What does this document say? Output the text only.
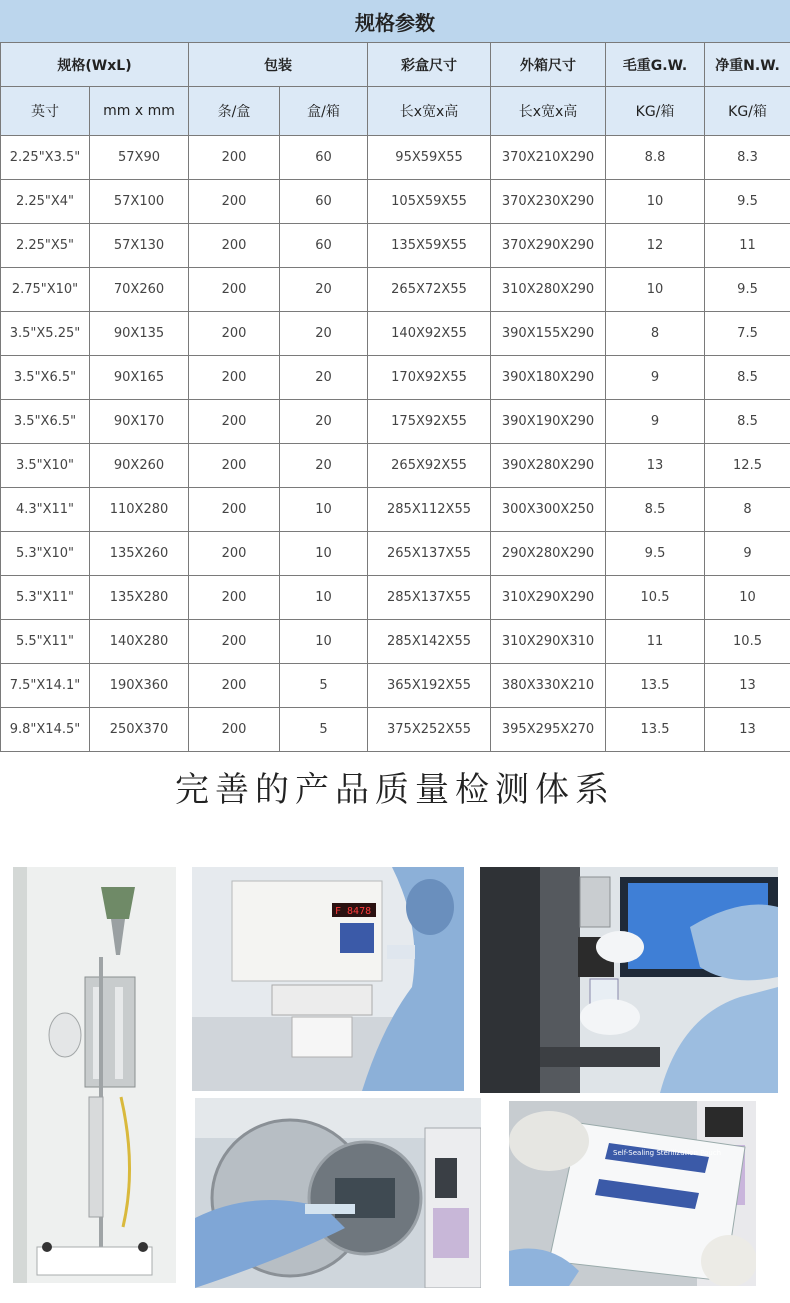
规格参数
规格(WxL)		包装		彩盒尺寸	外箱尺寸	毛重G.W.	净重N.W.
英寸	mm x mm	条/盒	盒/箱	长x宽x高	长x宽x高	KG/箱	KG/箱
2.25"X3.5"	57X90	200	60	95X59X55	370X210X290	8.8	8.3
2.25"X4"	57X100	200	60	105X59X55	370X230X290	10	9.5
2.25"X5"	57X130	200	60	135X59X55	370X290X290	12	11
2.75"X10"	70X260	200	20	265X72X55	310X280X290	10	9.5
3.5"X5.25"	90X135	200	20	140X92X55	390X155X290	8	7.5
3.5"X6.5"	90X165	200	20	170X92X55	390X180X290	9	8.5
3.5"X6.5"	90X170	200	20	175X92X55	390X190X290	9	8.5
3.5"X10"	90X260	200	20	265X92X55	390X280X290	13	12.5
4.3"X11"	110X280	200	10	285X112X55	300X300X250	8.5	8
5.3"X10"	135X260	200	10	265X137X55	290X280X290	9.5	9
5.3"X11"	135X280	200	10	285X137X55	310X290X290	10.5	10
5.5"X11"	140X280	200	10	285X142X55	310X290X310	11	10.5
7.5"X14.1"	190X360	200	5	365X192X55	380X330X210	13.5	13
9.8"X14.5"	250X370	200	5	375X252X55	395X295X270	13.5	13
完善的产品质量检测体系
F 8478
Self-Sealing Sterilization Pouch
